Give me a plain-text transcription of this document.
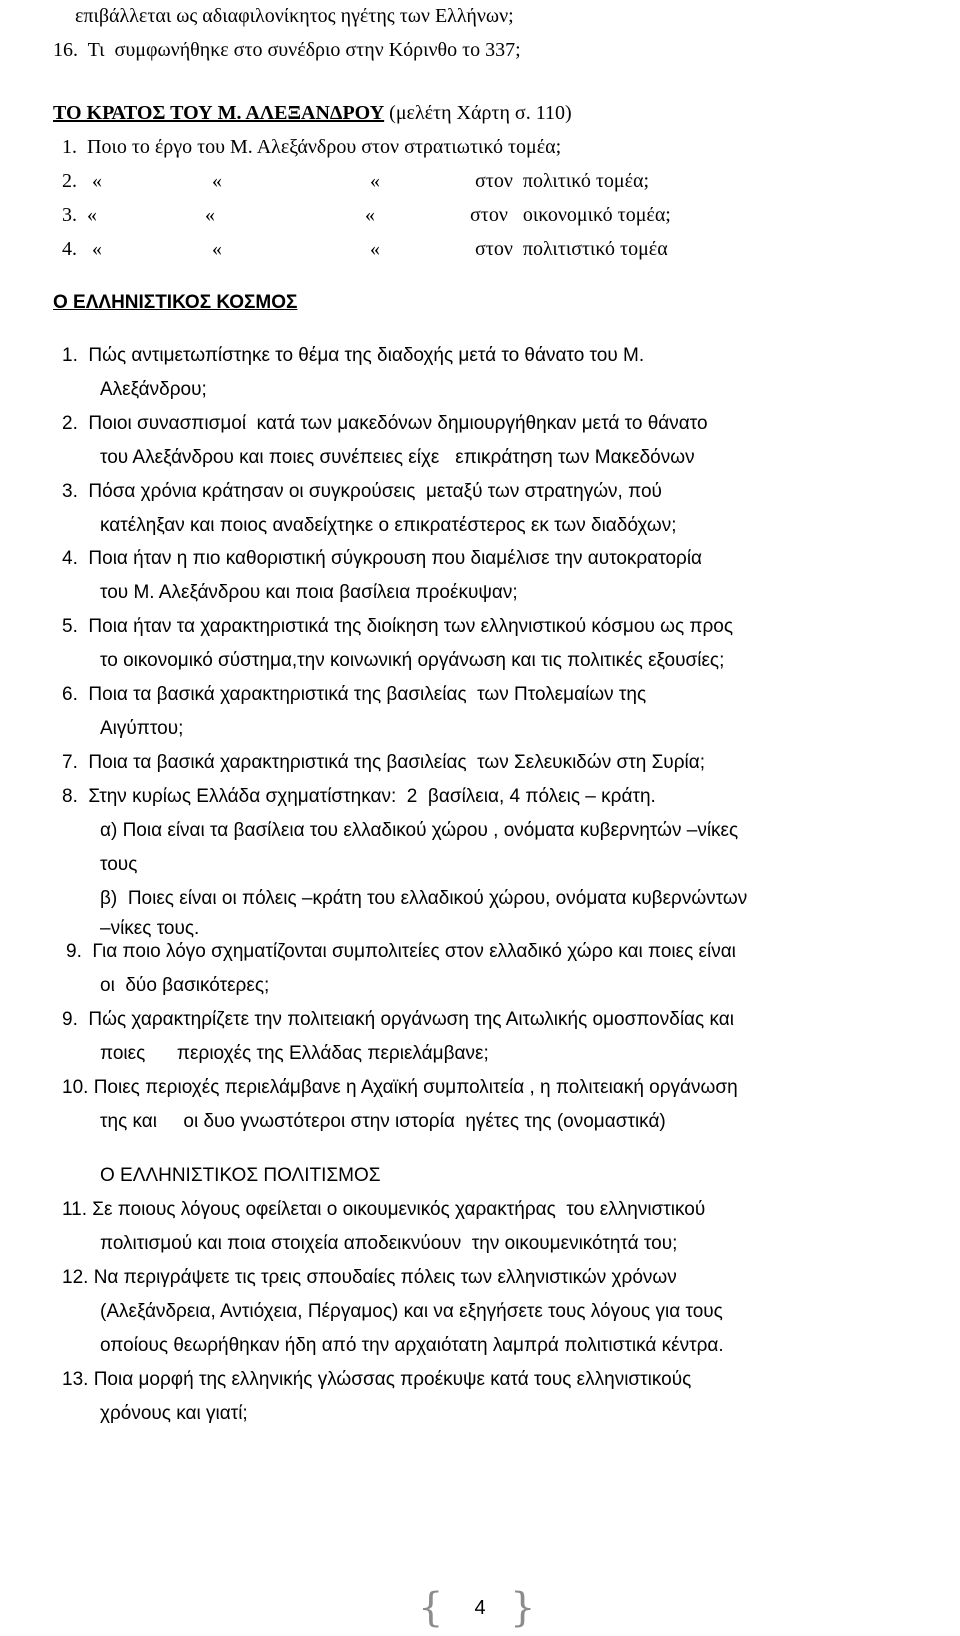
επιβάλλεται ως αδιαφιλονίκητος ηγέτης των Ελλήνων;
16.  Τι  συμφωνήθηκε στο συνέδριο στην Κόρινθο το 337;
ΤΟ ΚΡΑΤΟΣ ΤΟΥ Μ. ΑΛΕΞΑΝΔΡΟΥ (μελέτη Χάρτη σ. 110)
1.  Ποιο το έργο του Μ. Αλεξάνδρου στον στρατιωτικό τομέα;
2.   «	«	«	στον  πολιτικό τομέα;
3.  «	«	«	στον   οικονομικό τομέα;
4.   «	«	«	στον  πολιτιστικό τομέα
Ο ΕΛΛΗΝΙΣΤΙΚΟΣ ΚΟΣΜΟΣ
1.  Πώς αντιμετωπίστηκε το θέμα της διαδοχής μετά το θάνατο του Μ.
Αλεξάνδρου;
2.  Ποιοι συνασπισμοί  κατά των μακεδόνων δημιουργήθηκαν μετά το θάνατο
του Αλεξάνδρου και ποιες συνέπειες είχε   επικράτηση των Μακεδόνων
3.  Πόσα χρόνια κράτησαν οι συγκρούσεις  μεταξύ των στρατηγών, πού
κατέληξαν και ποιος αναδείχτηκε ο επικρατέστερος εκ των διαδόχων;
4.  Ποια ήταν η πιο καθοριστική σύγκρουση που διαμέλισε την αυτοκρατορία
του Μ. Αλεξάνδρου και ποια βασίλεια προέκυψαν;
5.  Ποια ήταν τα χαρακτηριστικά της διοίκηση των ελληνιστικού κόσμου ως προς
το οικονομικό σύστημα,την κοινωνική οργάνωση και τις πολιτικές εξουσίες;
6.  Ποια τα βασικά χαρακτηριστικά της βασιλείας  των Πτολεμαίων της
Αιγύπτου;
7.  Ποια τα βασικά χαρακτηριστικά της βασιλείας  των Σελευκιδών στη Συρία;
8.  Στην κυρίως Ελλάδα σχηματίστηκαν:  2  βασίλεια, 4 πόλεις – κράτη.
α) Ποια είναι τα βασίλεια του ελλαδικού χώρου , ονόματα κυβερνητών –νίκες
τους
β)  Ποιες είναι οι πόλεις –κράτη του ελλαδικού χώρου, ονόματα κυβερνώντων
–νίκες τους.
9.  Για ποιο λόγο σχηματίζονται συμπολιτείες στον ελλαδικό χώρο και ποιες είναι
οι  δύο βασικότερες;
9.  Πώς χαρακτηρίζετε την πολιτειακή οργάνωση της Αιτωλικής ομοσπονδίας και
ποιες      περιοχές της Ελλάδας περιελάμβανε;
10. Ποιες περιοχές περιελάμβανε η Αχαϊκή συμπολιτεία , η πολιτειακή οργάνωση
της και     οι δυο γνωστότεροι στην ιστορία  ηγέτες της (ονομαστικά)
Ο ΕΛΛΗΝΙΣΤΙΚΟΣ ΠΟΛΙΤΙΣΜΟΣ
11. Σε ποιους λόγους οφείλεται ο οικουμενικός χαρακτήρας  του ελληνιστικού
πολιτισμού και ποια στοιχεία αποδεικνύουν  την οικουμενικότητά του;
12. Να περιγράψετε τις τρεις σπουδαίες πόλεις των ελληνιστικών χρόνων
(Αλεξάνδρεια, Αντιόχεια, Πέργαμος) και να εξηγήσετε τους λόγους για τους
οποίους θεωρήθηκαν ήδη από την αρχαιότατη λαμπρά πολιτιστικά κέντρα.
13. Ποια μορφή της ελληνικής γλώσσας προέκυψε κατά τους ελληνιστικούς
χρόνους και γιατί;
{	4 }
